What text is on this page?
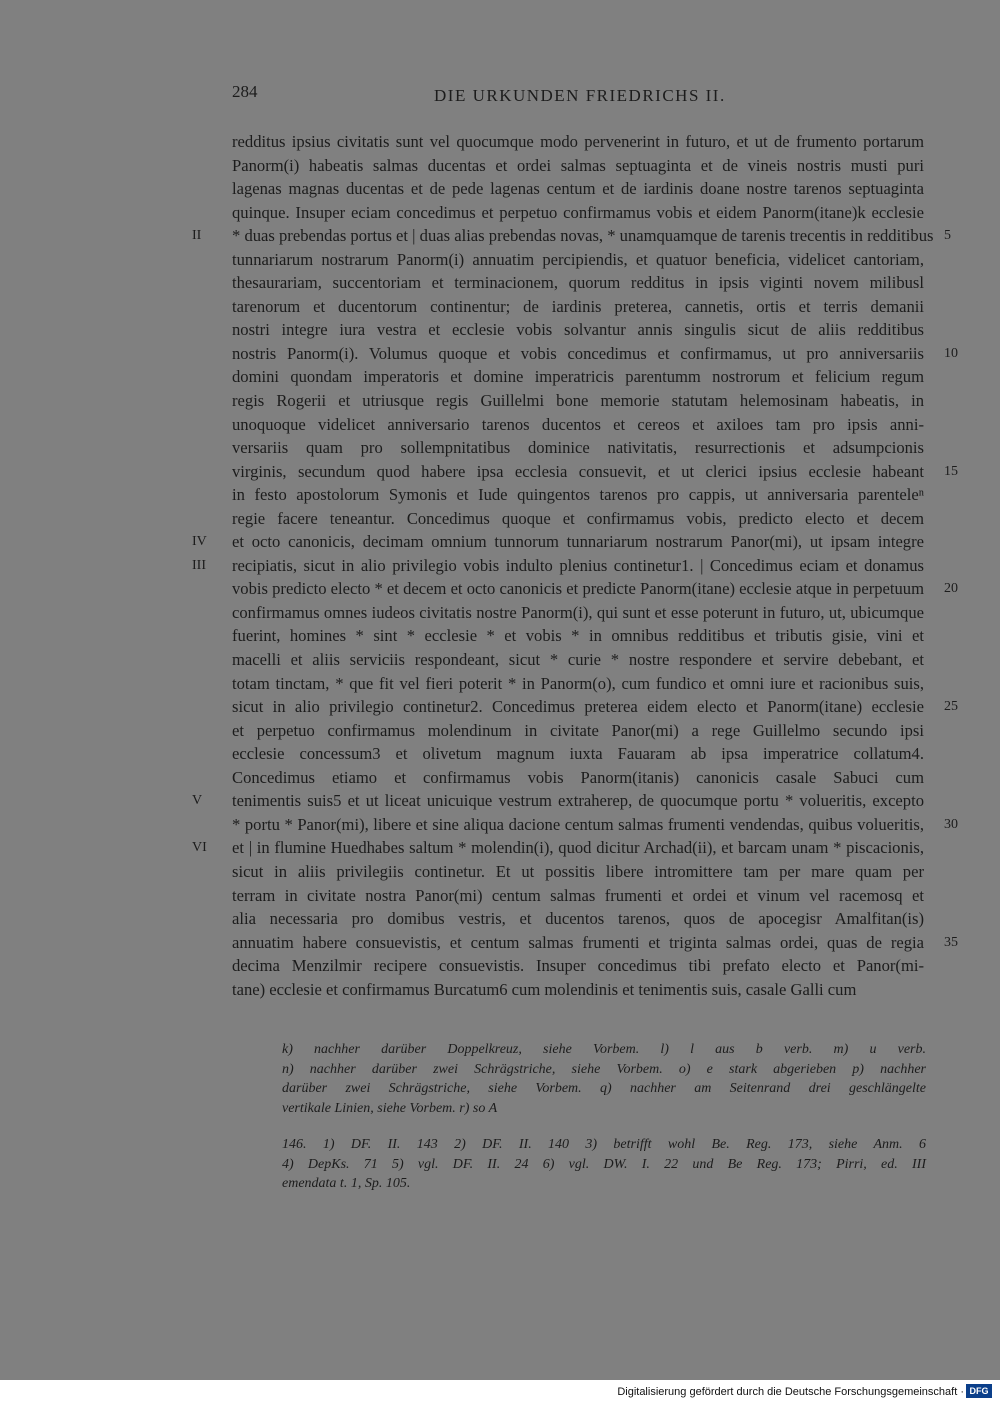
284	DIE URKUNDEN FRIEDRICHS II.
redditus ipsius civitatis sunt vel quocumque modo pervenerint in futuro, et ut de frumento portarum
Panorm(i) habeatis salmas ducentas et ordei salmas septuaginta et de vineis nostris musti puri
lagenas magnas ducentas et de pede lagenas centum et de iardinis doane nostre tarenos septuaginta
quinque. Insuper eciam concedimus et perpetuo confirmamus vobis et eidem Panorm(itane)k ecclesie
* duas prebendas portus et | duas alias prebendas novas, * unamquamque de tarenis trecentis in redditibus 5
II
tunnariarum nostrarum Panorm(i) annuatim percipiendis, et quatuor beneficia, videlicet cantoriam,
thesaurariam, succentoriam et terminacionem, quorum redditus in ipsis viginti novem milibusl
tarenorum et ducentorum continentur; de iardinis preterea, cannetis, ortis et terris demanii
nostri integre iura vestra et ecclesie vobis solvantur annis singulis sicut de aliis redditibus
nostris Panorm(i). Volumus quoque et vobis concedimus et confirmamus, ut pro anniversariis 10
domini quondam imperatoris et domine imperatricis parentumm nostrorum et felicium regum
regis Rogerii et utriusque regis Guillelmi bone memorie statutam helemosinam habeatis, in
unoquoque videlicet anniversario tarenos ducentos et cereos et axiloes tam pro ipsis anni-
versariis quam pro sollempnitatibus dominice nativitatis, resurrectionis et adsumpcionis
virginis, secundum quod habere ipsa ecclesia consuevit, et ut clerici ipsius ecclesie habeant 15
in festo apostolorum Symonis et Iude quingentos tarenos pro cappis, ut anniversaria parenteleⁿ
regie facere teneantur. Concedimus quoque et confirmamus vobis, predicto electo et decem
et octo canonicis, decimam omnium tunnorum tunnariarum nostrarum Panor(mi), ut ipsam integre
IV
recipiatis, sicut in alio privilegio vobis indulto plenius continetur1. | Concedimus eciam et donamus
III
vobis predicto electo * et decem et octo canonicis et predicte Panorm(itane) ecclesie atque in perpetuum 20
confirmamus omnes iudeos civitatis nostre Panorm(i), qui sunt et esse poterunt in futuro, ut, ubicumque
fuerint, homines * sint * ecclesie * et vobis * in omnibus redditibus et tributis gisie, vini et
macelli et aliis serviciis respondeant, sicut * curie * nostre respondere et servire debebant, et
totam tinctam, * que fit vel fieri poterit * in Panorm(o), cum fundico et omni iure et racionibus suis,
sicut in alio privilegio continetur2. Concedimus preterea eidem electo et Panorm(itane) ecclesie 25
et perpetuo confirmamus molendinum in civitate Panor(mi) a rege Guillelmo secundo ipsi
ecclesie concessum3 et olivetum magnum iuxta Fauaram ab ipsa imperatrice collatum4.
Concedimus etiamo et confirmamus vobis Panorm(itanis) canonicis casale Sabuci cum
tenimentis suis5 et ut liceat unicuique vestrum extraherep, de quocumque portu * volueritis, excepto
V
* portu * Panor(mi), libere et sine aliqua dacione centum salmas frumenti vendendas, quibus volueritis, 30
et | in flumine Huedhabes saltum * molendin(i), quod dicitur Archad(ii), et barcam unam * piscacionis,
VI
sicut in aliis privilegiis continetur. Et ut possitis libere intromittere tam per mare quam per
terram in civitate nostra Panor(mi) centum salmas frumenti et ordei et vinum vel racemosq et
alia necessaria pro domibus vestris, et ducentos tarenos, quos de apocegisr Amalfitan(is)
annuatim habere consuevistis, et centum salmas frumenti et triginta salmas ordei, quas de regia 35
decima Menzilmir recipere consuevistis. Insuper concedimus tibi prefato electo et Panor(mi-
tane) ecclesie et confirmamus Burcatum6 cum molendinis et tenimentis suis, casale Galli cum
k) nachher darüber Doppelkreuz, siehe Vorbem. l) l aus b verb. m) u verb.
n) nachher darüber zwei Schrägstriche, siehe Vorbem. o) e stark abgerieben p) nachher
darüber zwei Schrägstriche, siehe Vorbem. q) nachher am Seitenrand drei geschlängelte
vertikale Linien, siehe Vorbem. r) so A
146. 1) DF. II. 143 2) DF. II. 140 3) betrifft wohl Be. Reg. 173, siehe Anm. 6
4) DepKs. 71 5) vgl. DF. II. 24 6) vgl. DW. I. 22 und Be Reg. 173; Pirri, ed. III
emendata t. 1, Sp. 105.
Digitalisierung gefördert durch die Deutsche Forschungsgemeinschaft · DFG
